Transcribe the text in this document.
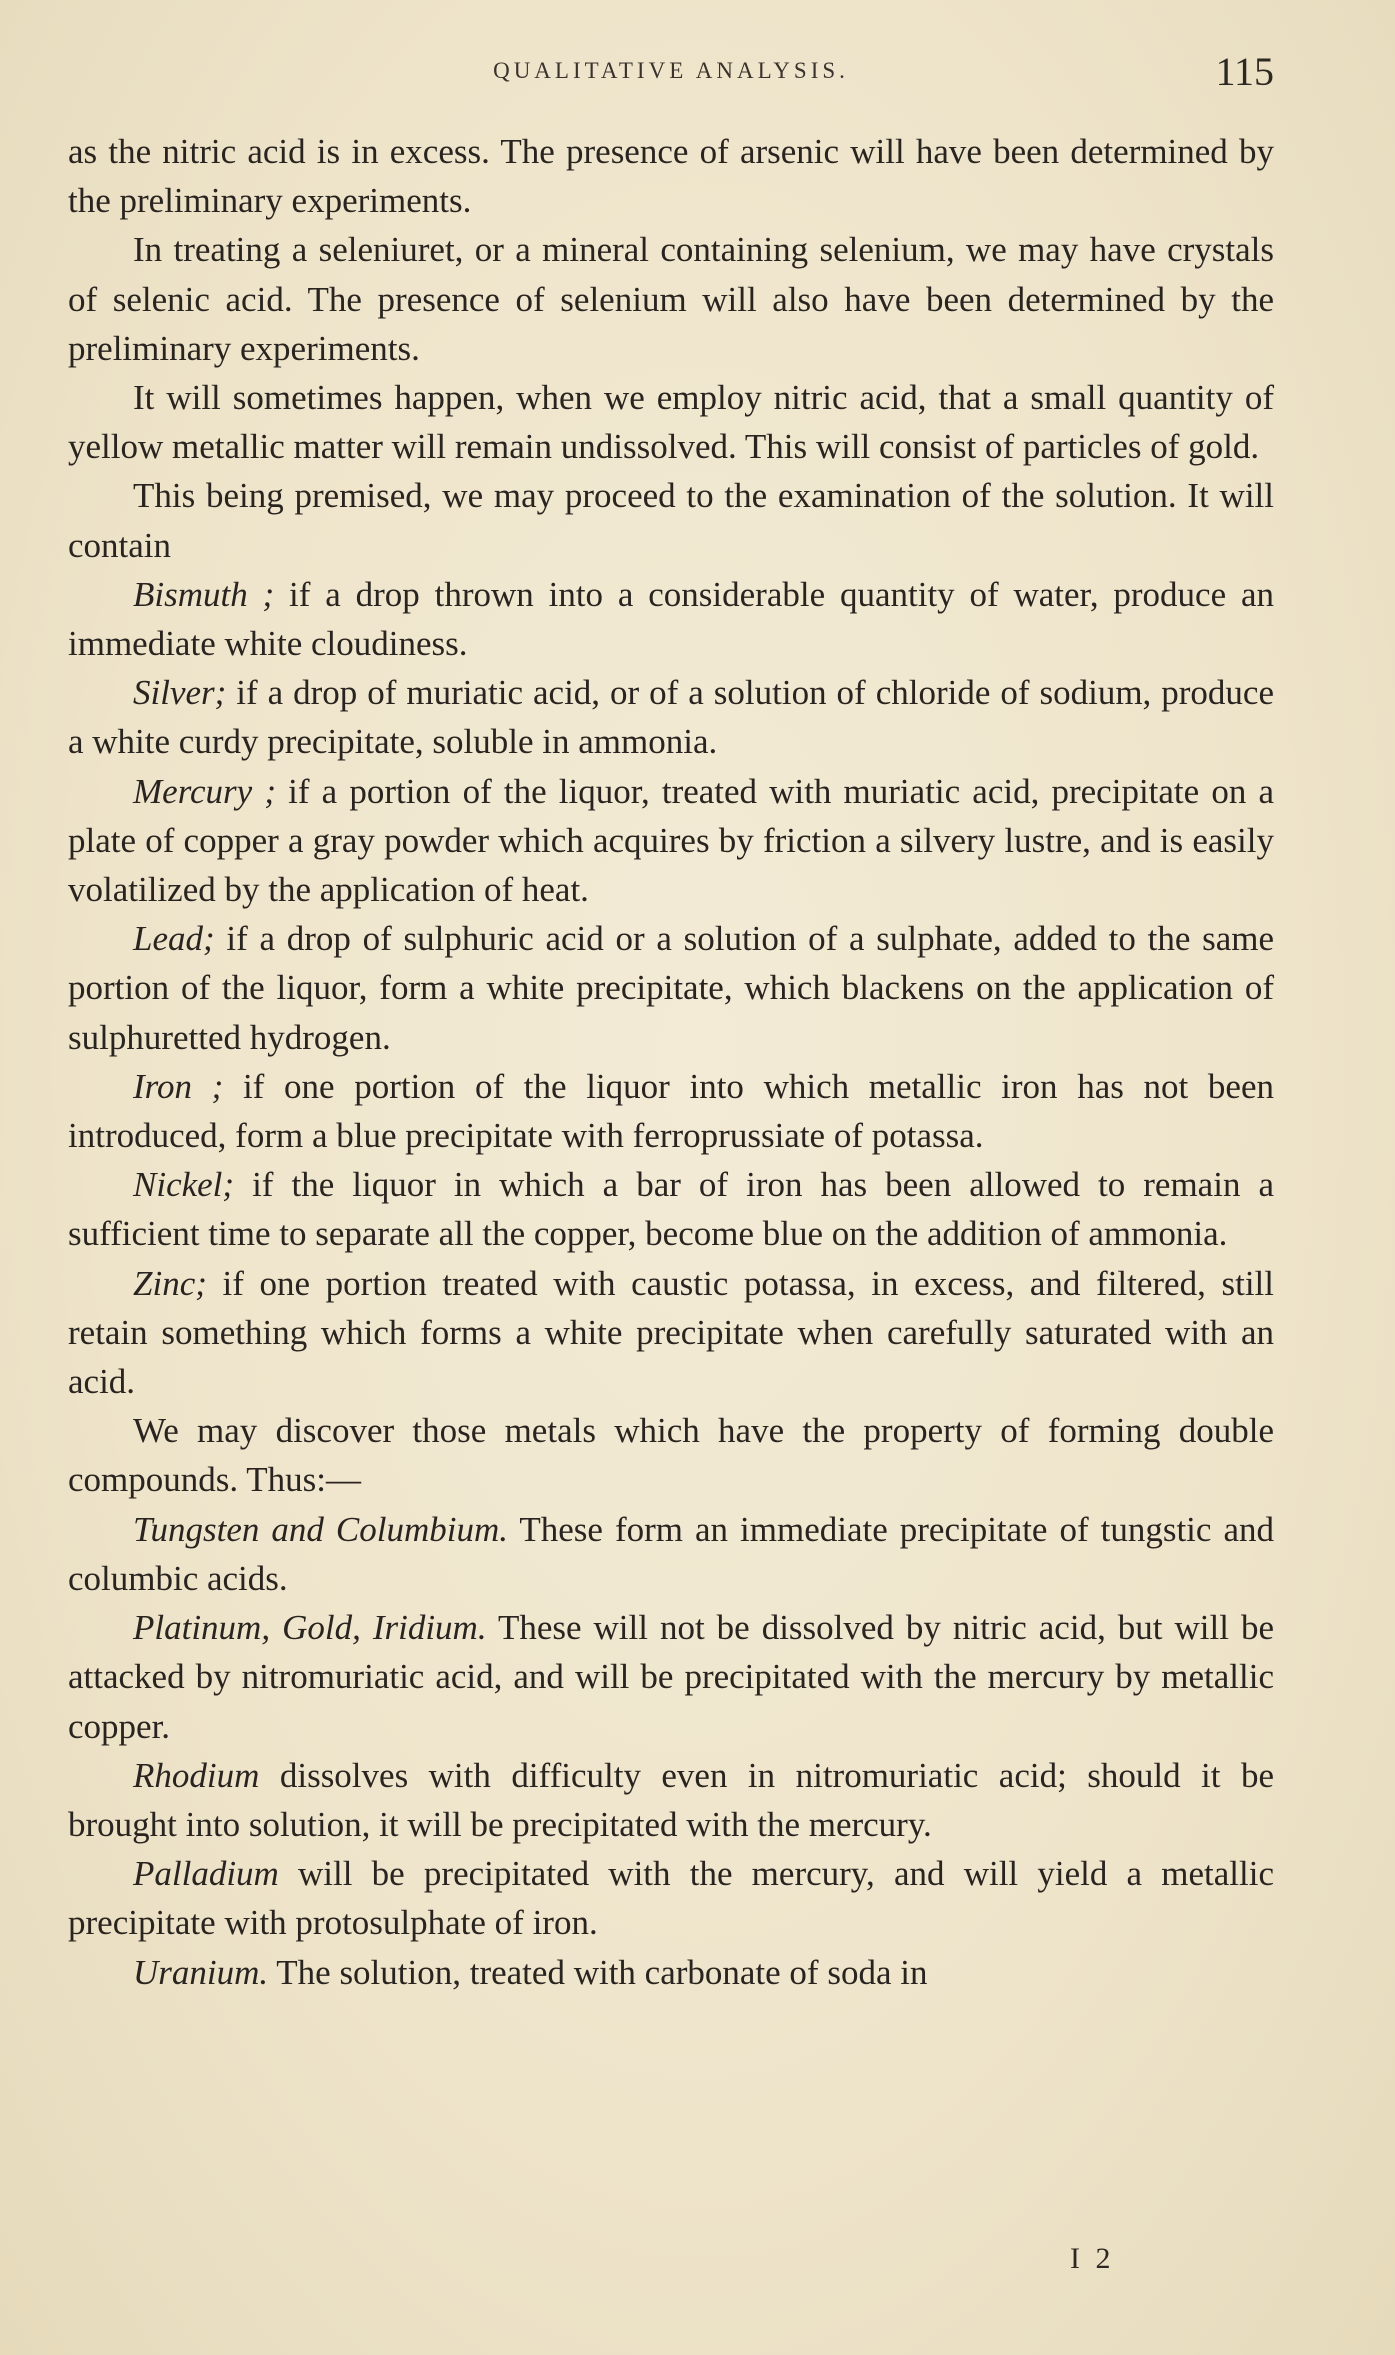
QUALITATIVE ANALYSIS.	115

as the nitric acid is in excess. The presence of arsenic will have been determined by the preliminary experiments.

In treating a seleniuret, or a mineral containing selenium, we may have crystals of selenic acid. The presence of selenium will also have been determined by the preliminary experiments.

It will sometimes happen, when we employ nitric acid, that a small quantity of yellow metallic matter will remain undissolved. This will consist of particles of gold.

This being premised, we may proceed to the examination of the solution. It will contain

Bismuth ; if a drop thrown into a considerable quantity of water, produce an immediate white cloudiness.

Silver; if a drop of muriatic acid, or of a solution of chloride of sodium, produce a white curdy precipitate, soluble in ammonia.

Mercury ; if a portion of the liquor, treated with muriatic acid, precipitate on a plate of copper a gray powder which acquires by friction a silvery lustre, and is easily volatilized by the application of heat.

Lead; if a drop of sulphuric acid or a solution of a sulphate, added to the same portion of the liquor, form a white precipitate, which blackens on the application of sulphuretted hydrogen.

Iron ; if one portion of the liquor into which metallic iron has not been introduced, form a blue precipitate with ferroprussiate of potassa.

Nickel; if the liquor in which a bar of iron has been allowed to remain a sufficient time to separate all the copper, become blue on the addition of ammonia.

Zinc; if one portion treated with caustic potassa, in excess, and filtered, still retain something which forms a white precipitate when carefully saturated with an acid.

We may discover those metals which have the property of forming double compounds. Thus:—

Tungsten and Columbium. These form an immediate precipitate of tungstic and columbic acids.

Platinum, Gold, Iridium. These will not be dissolved by nitric acid, but will be attacked by nitromuriatic acid, and will be precipitated with the mercury by metallic copper.

Rhodium dissolves with difficulty even in nitromuriatic acid; should it be brought into solution, it will be precipitated with the mercury.

Palladium will be precipitated with the mercury, and will yield a metallic precipitate with protosulphate of iron.

Uranium. The solution, treated with carbonate of soda in

I 2
